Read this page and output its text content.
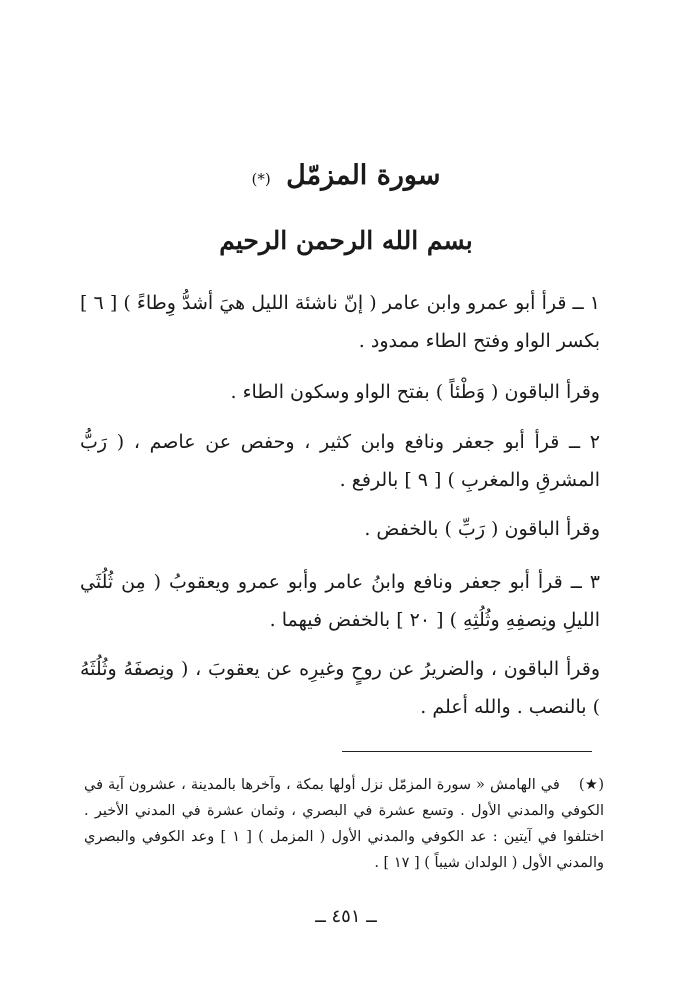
سورة المزمّل (*)
بسم الله الرحمن الرحيم
١ ــ قرأ أبو عمرو وابن عامر ( إنّ ناشئة الليل هيَ أشدُّ وِطاءً ) [ ٦ ] بكسر الواو وفتح الطاء ممدود .
وقرأ الباقون ( وَطْئاً ) بفتح الواو وسكون الطاء .
٢ ــ قرأ أبو جعفر ونافع وابن كثير ، وحفص عن عاصم ، ( رَبُّ المشرقِ والمغربِ ) [ ٩ ] بالرفع .
وقرأ الباقون ( رَبِّ ) بالخفض .
٣ ــ قرأ أبو جعفر ونافع وابنُ عامر وأبو عمرو ويعقوبُ ( مِن ثُلُثَي الليلِ ونِصفِهِ وثُلُثِهِ ) [ ٢٠ ] بالخفض فيهما .
وقرأ الباقون ، والضريرُ عن روحٍ وغيرِه عن يعقوبَ ، ( ونِصفَهُ وثُلُثَهُ ) بالنصب . والله أعلم .
(★) في الهامش « سورة المزمّل نزل أولها بمكة ، وآخرها بالمدينة ، عشرون آية في الكوفي والمدني الأول . وتسع عشرة في البصري ، وثمان عشرة في المدني الأخير . اختلفوا في آيتين : عد الكوفي والمدني الأول ( المزمل ) [ ١ ] وعد الكوفي والبصري والمدني الأول ( الولدان شيباً ) [ ١٧ ] .
ــ ٤٥١ ــ
